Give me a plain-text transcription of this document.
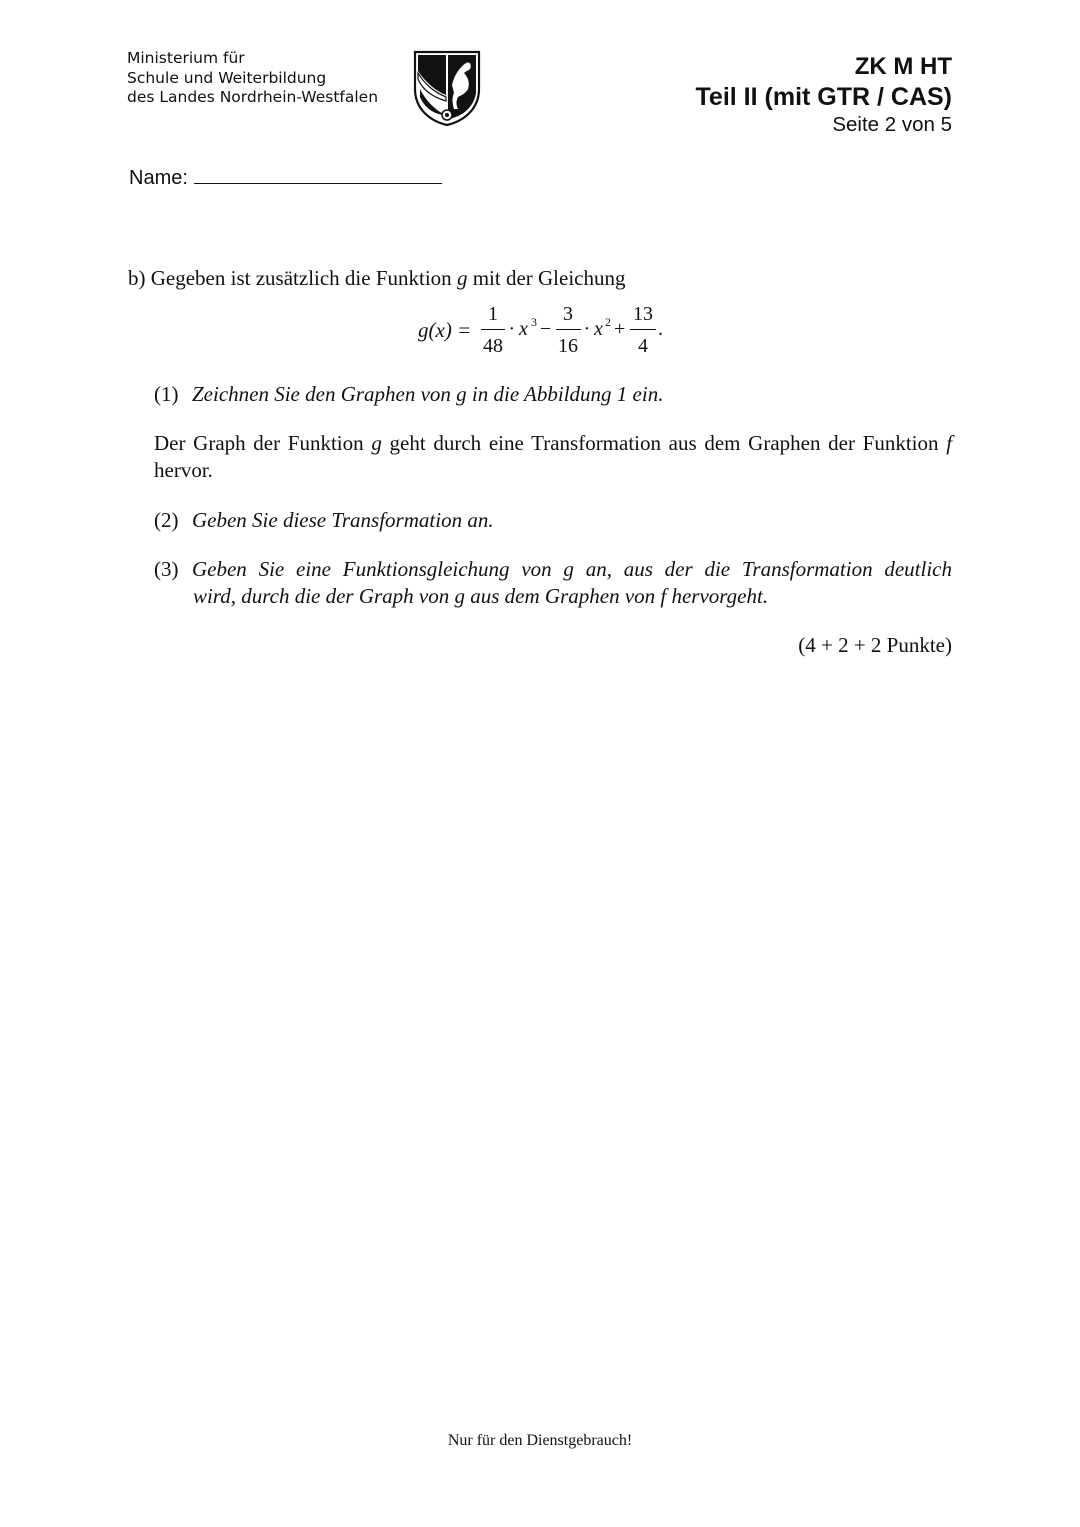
Ministerium für
Schule und Weiterbildung
des Landes Nordrhein-Westfalen
ZK M HT
Teil II (mit GTR / CAS)
Seite 2 von 5
Name:
b) Gegeben ist zusätzlich die Funktion g mit der Gleichung
g(x) =
1
48
· x 3 −
3
16
· x 2 +
13
4
.
(1) Zeichnen Sie den Graphen von g in die Abbildung 1 ein.
Der Graph der Funktion g geht durch eine Transformation aus dem Graphen der Funktion f hervor.
(2) Geben Sie diese Transformation an.
(3) Geben Sie eine Funktionsgleichung von g an, aus der die Transformation deutlich
wird, durch die der Graph von g aus dem Graphen von f hervorgeht.
(4 + 2 + 2 Punkte)
Nur für den Dienstgebrauch!
